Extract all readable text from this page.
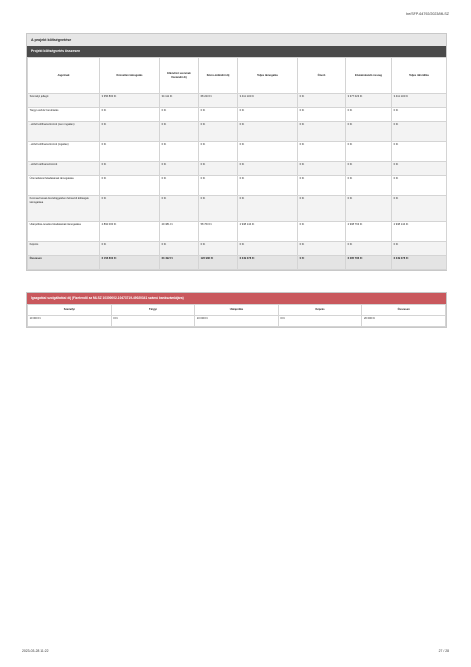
be/SFP-64792/2023/MLSZ
A projekt költségvetése
Projekt költségvetés összesen
Jogcímek	Közvetlen támogatás	Ellenőrző szervnek fizetendő díj	Közre-működői díj	Teljes támogatás	Önerő	Elszámolandó összeg	Teljes ráfordítás
Személyi jellegű	3 356 800 Ft	34 111 Ft	68 223 Ft	3 411 134 Ft	0 Ft	3 377 023 Ft	3 411 134 Ft
Tárgyi eszköz beruházás	0 Ft	0 Ft	0 Ft	0 Ft	0 Ft	0 Ft	0 Ft
- ebből előfinanszírozott (nem ingatlan)	0 Ft	0 Ft	0 Ft	0 Ft	0 Ft	0 Ft	0 Ft
- ebből előfinanszírozott (ingatlan)	0 Ft	0 Ft	0 Ft	0 Ft	0 Ft	0 Ft	0 Ft
- ebből utófinanszírozott	0 Ft	0 Ft	0 Ft	0 Ft	0 Ft	0 Ft	0 Ft
Üzemeltetési feladatainak támogatása	0 Ft	0 Ft	0 Ft	0 Ft	0 Ft	0 Ft	0 Ft
Koronavírussal összefüggésben felmerült költségek támogatása	0 Ft	0 Ft	0 Ft	0 Ft	0 Ft	0 Ft	0 Ft
Utánpótlás-nevelés feladatainak támogatása	2 892 000 Ft	29 381 Ft	58 763 Ft	2 938 144 Ft	0 Ft	2 908 763 Ft	2 938 144 Ft
Képzés	0 Ft	0 Ft	0 Ft	0 Ft	0 Ft	0 Ft	0 Ft
Összesen	6 158 800 Ft	63 492 Ft	126 986 Ft	6 349 278 Ft	0 Ft	6 285 786 Ft	6 349 278 Ft
Igazgatási szolgáltatási díj (Fizetendő az MLSZ 10300002-10473719-49020341 számú bankszámlájára)
Személyi	Tárgyi	Utánpótlás	Képzés	Összesen
10 000 Ft	0 Ft	10 000 Ft	0 Ft	20 000 Ft
2023-03-28 11:22	27 / 28
